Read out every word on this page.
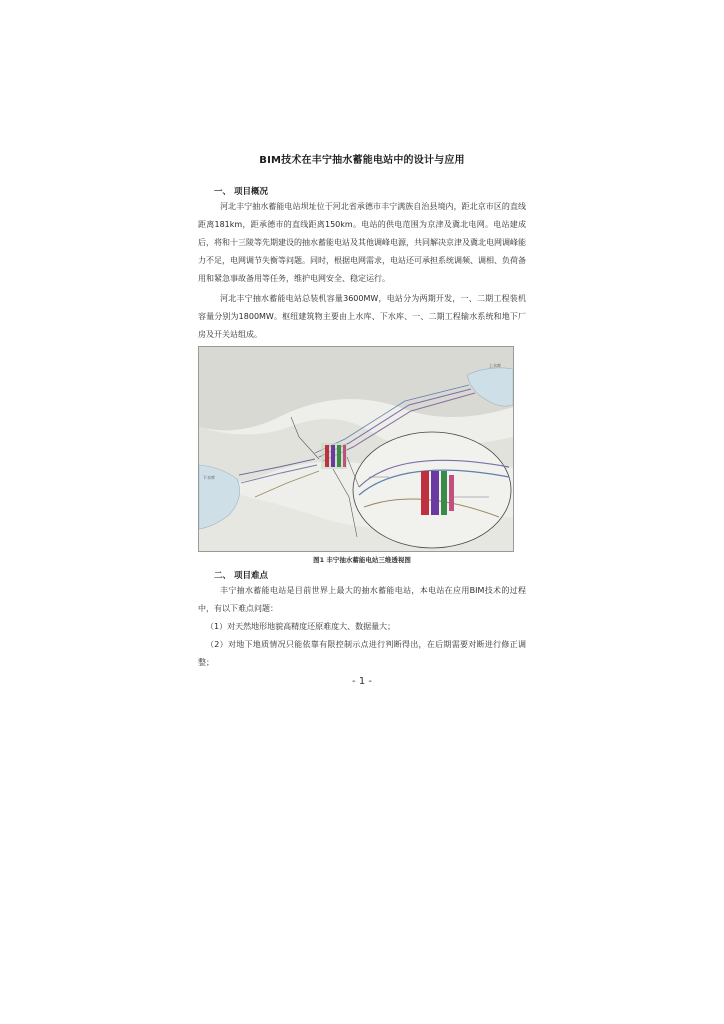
BIM技术在丰宁抽水蓄能电站中的设计与应用
一、 项目概况
河北丰宁抽水蓄能电站坝址位于河北省承德市丰宁满族自治县境内，距北京市区的直线距离181km，距承德市的直线距离150km。电站的供电范围为京津及冀北电网。电站建成后，将和十三陵等先期建设的抽水蓄能电站及其他调峰电源，共同解决京津及冀北电网调峰能力不足，电网调节失衡等问题。同时，根据电网需求，电站还可承担系统调频、调相、负荷备用和紧急事故备用等任务，维护电网安全、稳定运行。
河北丰宁抽水蓄能电站总装机容量3600MW，电站分为两期开发，一、二期工程装机容量分别为1800MW。枢纽建筑物主要由上水库、下水库、一、二期工程输水系统和地下厂房及开关站组成。
上水库
下水库
图1 丰宁抽水蓄能电站三维透视图
二、 项目难点
丰宁抽水蓄能电站是目前世界上最大的抽水蓄能电站，本电站在应用BIM技术的过程中，有以下难点问题：
（1）对天然地形地貌高精度还原难度大、数据量大；
（2）对地下地质情况只能依靠有限控制示点进行判断得出，在后期需要对断进行修正调整；
- 1 -
